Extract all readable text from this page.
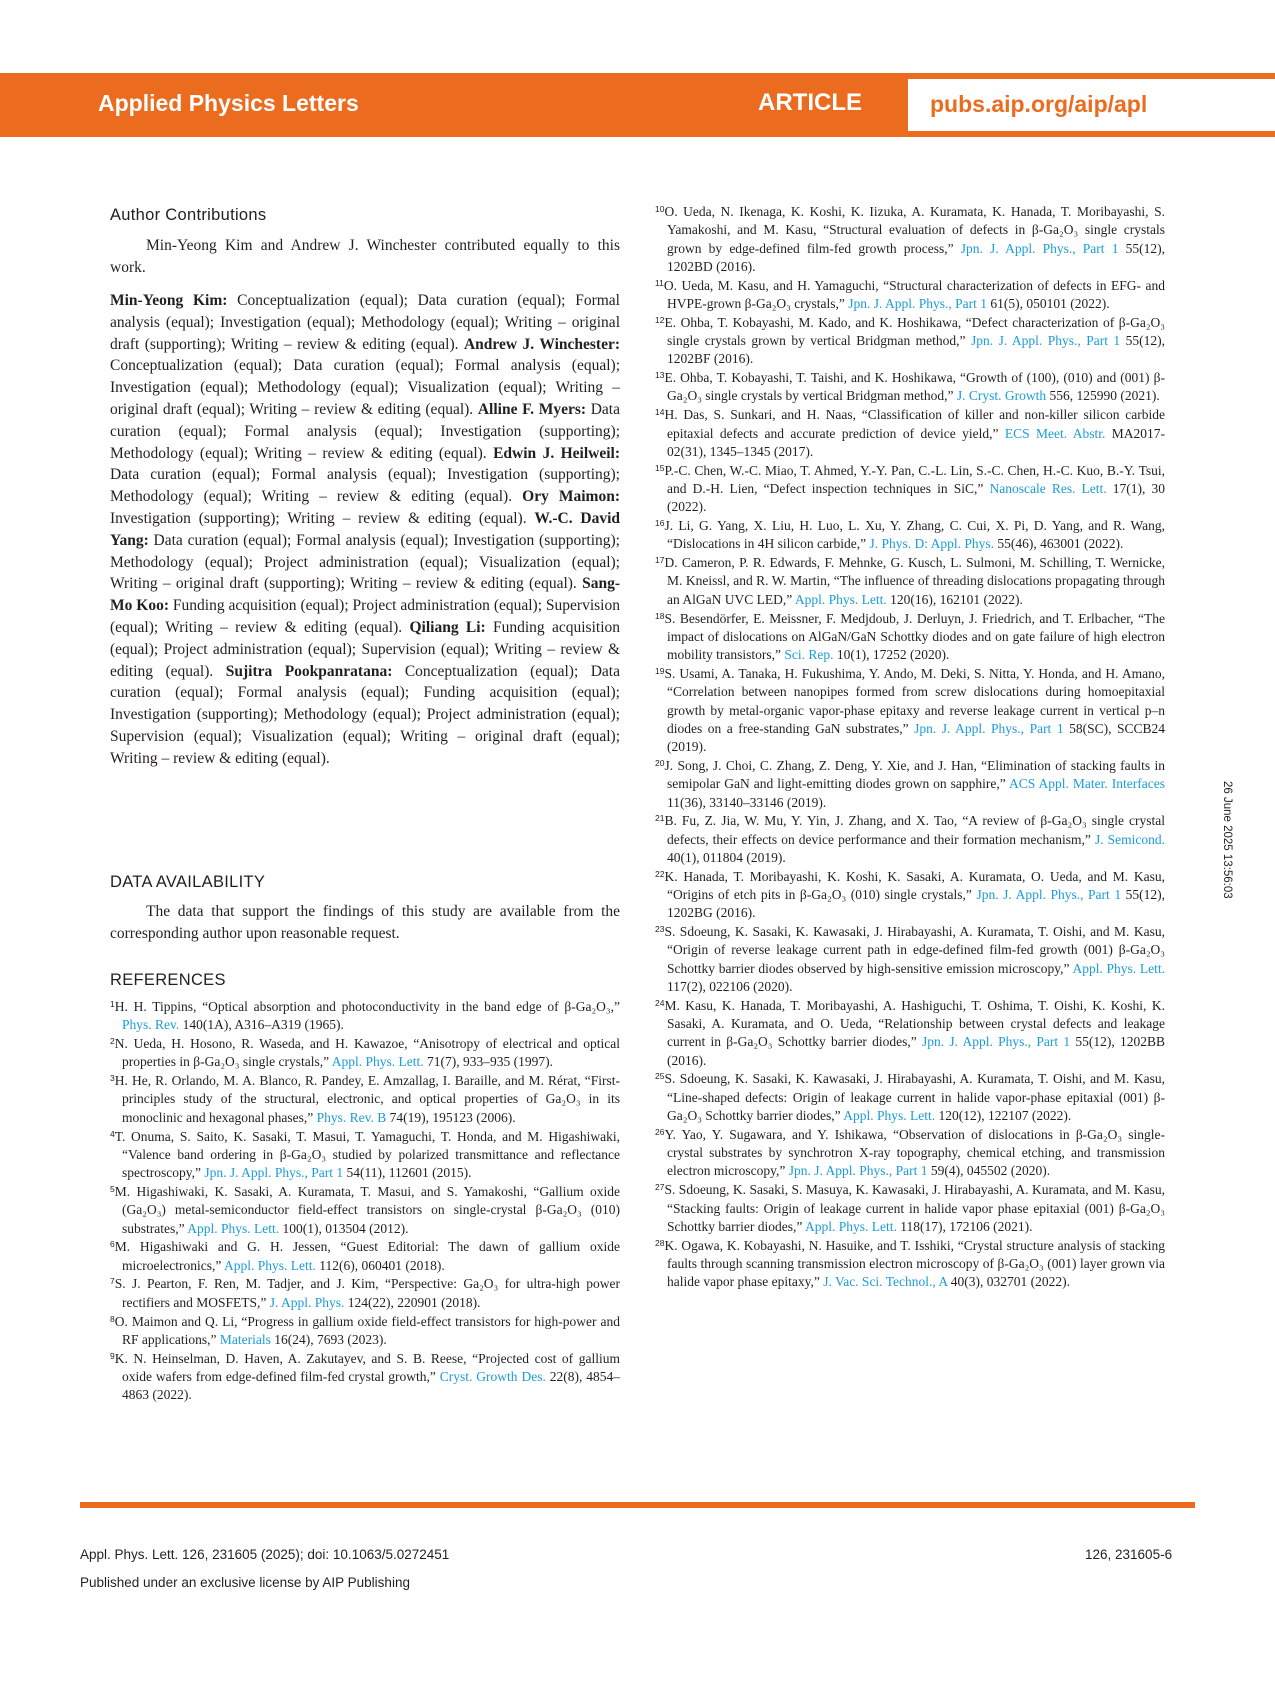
Applied Physics Letters	ARTICLE	pubs.aip.org/aip/apl
26 June 2025 13:56:03
Author Contributions

Min-Yeong Kim and Andrew J. Winchester contributed equally to this work.

Min-Yeong Kim: Conceptualization (equal); Data curation (equal); Formal analysis (equal); Investigation (equal); Methodology (equal); Writing – original draft (supporting); Writing – review & editing (equal). Andrew J. Winchester: Conceptualization (equal); Data curation (equal); Formal analysis (equal); Investigation (equal); Methodology (equal); Visualization (equal); Writing – original draft (equal); Writing – review & editing (equal). Alline F. Myers: Data curation (equal); Formal analysis (equal); Investigation (supporting); Methodology (equal); Writing – review & editing (equal). Edwin J. Heilweil: Data curation (equal); Formal analysis (equal); Investigation (supporting); Methodology (equal); Writing – review & editing (equal). Ory Maimon: Investigation (supporting); Writing – review & editing (equal). W.-C. David Yang: Data curation (equal); Formal analysis (equal); Investigation (supporting); Methodology (equal); Project administration (equal); Visualization (equal); Writing – original draft (supporting); Writing – review & editing (equal). Sang-Mo Koo: Funding acquisition (equal); Project administration (equal); Supervision (equal); Writing – review & editing (equal). Qiliang Li: Funding acquisition (equal); Project administration (equal); Supervision (equal); Writing – review & editing (equal). Sujitra Pookpanratana: Conceptualization (equal); Data curation (equal); Formal analysis (equal); Funding acquisition (equal); Investigation (supporting); Methodology (equal); Project administration (equal); Supervision (equal); Visualization (equal); Writing – original draft (equal); Writing – review & editing (equal).

DATA AVAILABILITY

The data that support the findings of this study are available from the corresponding author upon reasonable request.

REFERENCES
$^1$H. H. Tippins, “Optical absorption and photoconductivity in the band edge of β-Ga₂O₃,” Phys. Rev. 140(1A), A316–A319 (1965).
$^2$N. Ueda, H. Hosono, R. Waseda, and H. Kawazoe, “Anisotropy of electrical and optical properties in β-Ga₂O₃ single crystals,” Appl. Phys. Lett. 71(7), 933–935 (1997).
$^3$H. He, R. Orlando, M. A. Blanco, R. Pandey, E. Amzallag, I. Baraille, and M. Rérat, “First-principles study of the structural, electronic, and optical properties of Ga₂O₃ in its monoclinic and hexagonal phases,” Phys. Rev. B 74(19), 195123 (2006).
$^4$T. Onuma, S. Saito, K. Sasaki, T. Masui, T. Yamaguchi, T. Honda, and M. Higashiwaki, “Valence band ordering in β-Ga₂O₃ studied by polarized transmittance and reflectance spectroscopy,” Jpn. J. Appl. Phys., Part 1 54(11), 112601 (2015).
$^5$M. Higashiwaki, K. Sasaki, A. Kuramata, T. Masui, and S. Yamakoshi, “Gallium oxide (Ga₂O₃) metal-semiconductor field-effect transistors on single-crystal β-Ga₂O₃ (010) substrates,” Appl. Phys. Lett. 100(1), 013504 (2012).
$^6$M. Higashiwaki and G. H. Jessen, “Guest Editorial: The dawn of gallium oxide microelectronics,” Appl. Phys. Lett. 112(6), 060401 (2018).
$^7$S. J. Pearton, F. Ren, M. Tadjer, and J. Kim, “Perspective: Ga₂O₃ for ultra-high power rectifiers and MOSFETS,” J. Appl. Phys. 124(22), 220901 (2018).
$^8$O. Maimon and Q. Li, “Progress in gallium oxide field-effect transistors for high-power and RF applications,” Materials 16(24), 7693 (2023).
$^9$K. N. Heinselman, D. Haven, A. Zakutayev, and S. B. Reese, “Projected cost of gallium oxide wafers from edge-defined film-fed crystal growth,” Cryst. Growth Des. 22(8), 4854–4863 (2022).
$^{10}$O. Ueda, N. Ikenaga, K. Koshi, K. Iizuka, A. Kuramata, K. Hanada, T. Moribayashi, S. Yamakoshi, and M. Kasu, “Structural evaluation of defects in β-Ga₂O₃ single crystals grown by edge-defined film-fed growth process,” Jpn. J. Appl. Phys., Part 1 55(12), 1202BD (2016).
$^{11}$O. Ueda, M. Kasu, and H. Yamaguchi, “Structural characterization of defects in EFG- and HVPE-grown β-Ga₂O₃ crystals,” Jpn. J. Appl. Phys., Part 1 61(5), 050101 (2022).
$^{12}$E. Ohba, T. Kobayashi, M. Kado, and K. Hoshikawa, “Defect characterization of β-Ga₂O₃ single crystals grown by vertical Bridgman method,” Jpn. J. Appl. Phys., Part 1 55(12), 1202BF (2016).
$^{13}$E. Ohba, T. Kobayashi, T. Taishi, and K. Hoshikawa, “Growth of (100), (010) and (001) β-Ga₂O₃ single crystals by vertical Bridgman method,” J. Cryst. Growth 556, 125990 (2021).
$^{14}$H. Das, S. Sunkari, and H. Naas, “Classification of killer and non-killer silicon carbide epitaxial defects and accurate prediction of device yield,” ECS Meet. Abstr. MA2017-02(31), 1345–1345 (2017).
$^{15}$P.-C. Chen, W.-C. Miao, T. Ahmed, Y.-Y. Pan, C.-L. Lin, S.-C. Chen, H.-C. Kuo, B.-Y. Tsui, and D.-H. Lien, “Defect inspection techniques in SiC,” Nanoscale Res. Lett. 17(1), 30 (2022).
$^{16}$J. Li, G. Yang, X. Liu, H. Luo, L. Xu, Y. Zhang, C. Cui, X. Pi, D. Yang, and R. Wang, “Dislocations in 4H silicon carbide,” J. Phys. D: Appl. Phys. 55(46), 463001 (2022).
$^{17}$D. Cameron, P. R. Edwards, F. Mehnke, G. Kusch, L. Sulmoni, M. Schilling, T. Wernicke, M. Kneissl, and R. W. Martin, “The influence of threading dislocations propagating through an AlGaN UVC LED,” Appl. Phys. Lett. 120(16), 162101 (2022).
$^{18}$S. Besendörfer, E. Meissner, F. Medjdoub, J. Derluyn, J. Friedrich, and T. Erlbacher, “The impact of dislocations on AlGaN/GaN Schottky diodes and on gate failure of high electron mobility transistors,” Sci. Rep. 10(1), 17252 (2020).
$^{19}$S. Usami, A. Tanaka, H. Fukushima, Y. Ando, M. Deki, S. Nitta, Y. Honda, and H. Amano, “Correlation between nanopipes formed from screw dislocations during homoepitaxial growth by metal-organic vapor-phase epitaxy and reverse leakage current in vertical p–n diodes on a free-standing GaN substrates,” Jpn. J. Appl. Phys., Part 1 58(SC), SCCB24 (2019).
$^{20}$J. Song, J. Choi, C. Zhang, Z. Deng, Y. Xie, and J. Han, “Elimination of stacking faults in semipolar GaN and light-emitting diodes grown on sapphire,” ACS Appl. Mater. Interfaces 11(36), 33140–33146 (2019).
$^{21}$B. Fu, Z. Jia, W. Mu, Y. Yin, J. Zhang, and X. Tao, “A review of β-Ga₂O₃ single crystal defects, their effects on device performance and their formation mechanism,” J. Semicond. 40(1), 011804 (2019).
$^{22}$K. Hanada, T. Moribayashi, K. Koshi, K. Sasaki, A. Kuramata, O. Ueda, and M. Kasu, “Origins of etch pits in β-Ga₂O₃ (010) single crystals,” Jpn. J. Appl. Phys., Part 1 55(12), 1202BG (2016).
$^{23}$S. Sdoeung, K. Sasaki, K. Kawasaki, J. Hirabayashi, A. Kuramata, T. Oishi, and M. Kasu, “Origin of reverse leakage current path in edge-defined film-fed growth (001) β-Ga₂O₃ Schottky barrier diodes observed by high-sensitive emission microscopy,” Appl. Phys. Lett. 117(2), 022106 (2020).
$^{24}$M. Kasu, K. Hanada, T. Moribayashi, A. Hashiguchi, T. Oshima, T. Oishi, K. Koshi, K. Sasaki, A. Kuramata, and O. Ueda, “Relationship between crystal defects and leakage current in β-Ga₂O₃ Schottky barrier diodes,” Jpn. J. Appl. Phys., Part 1 55(12), 1202BB (2016).
$^{25}$S. Sdoeung, K. Sasaki, K. Kawasaki, J. Hirabayashi, A. Kuramata, T. Oishi, and M. Kasu, “Line-shaped defects: Origin of leakage current in halide vapor-phase epitaxial (001) β-Ga₂O₃ Schottky barrier diodes,” Appl. Phys. Lett. 120(12), 122107 (2022).
$^{26}$Y. Yao, Y. Sugawara, and Y. Ishikawa, “Observation of dislocations in β-Ga₂O₃ single-crystal substrates by synchrotron X-ray topography, chemical etching, and transmission electron microscopy,” Jpn. J. Appl. Phys., Part 1 59(4), 045502 (2020).
$^{27}$S. Sdoeung, K. Sasaki, S. Masuya, K. Kawasaki, J. Hirabayashi, A. Kuramata, and M. Kasu, “Stacking faults: Origin of leakage current in halide vapor phase epitaxial (001) β-Ga₂O₃ Schottky barrier diodes,” Appl. Phys. Lett. 118(17), 172106 (2021).
$^{28}$K. Ogawa, K. Kobayashi, N. Hasuike, and T. Isshiki, “Crystal structure analysis of stacking faults through scanning transmission electron microscopy of β-Ga₂O₃ (001) layer grown via halide vapor phase epitaxy,” J. Vac. Sci. Technol., A 40(3), 032701 (2022).
Appl. Phys. Lett. 126, 231605 (2025); doi: 10.1063/5.0272451	126, 231605-6
Published under an exclusive license by AIP Publishing
